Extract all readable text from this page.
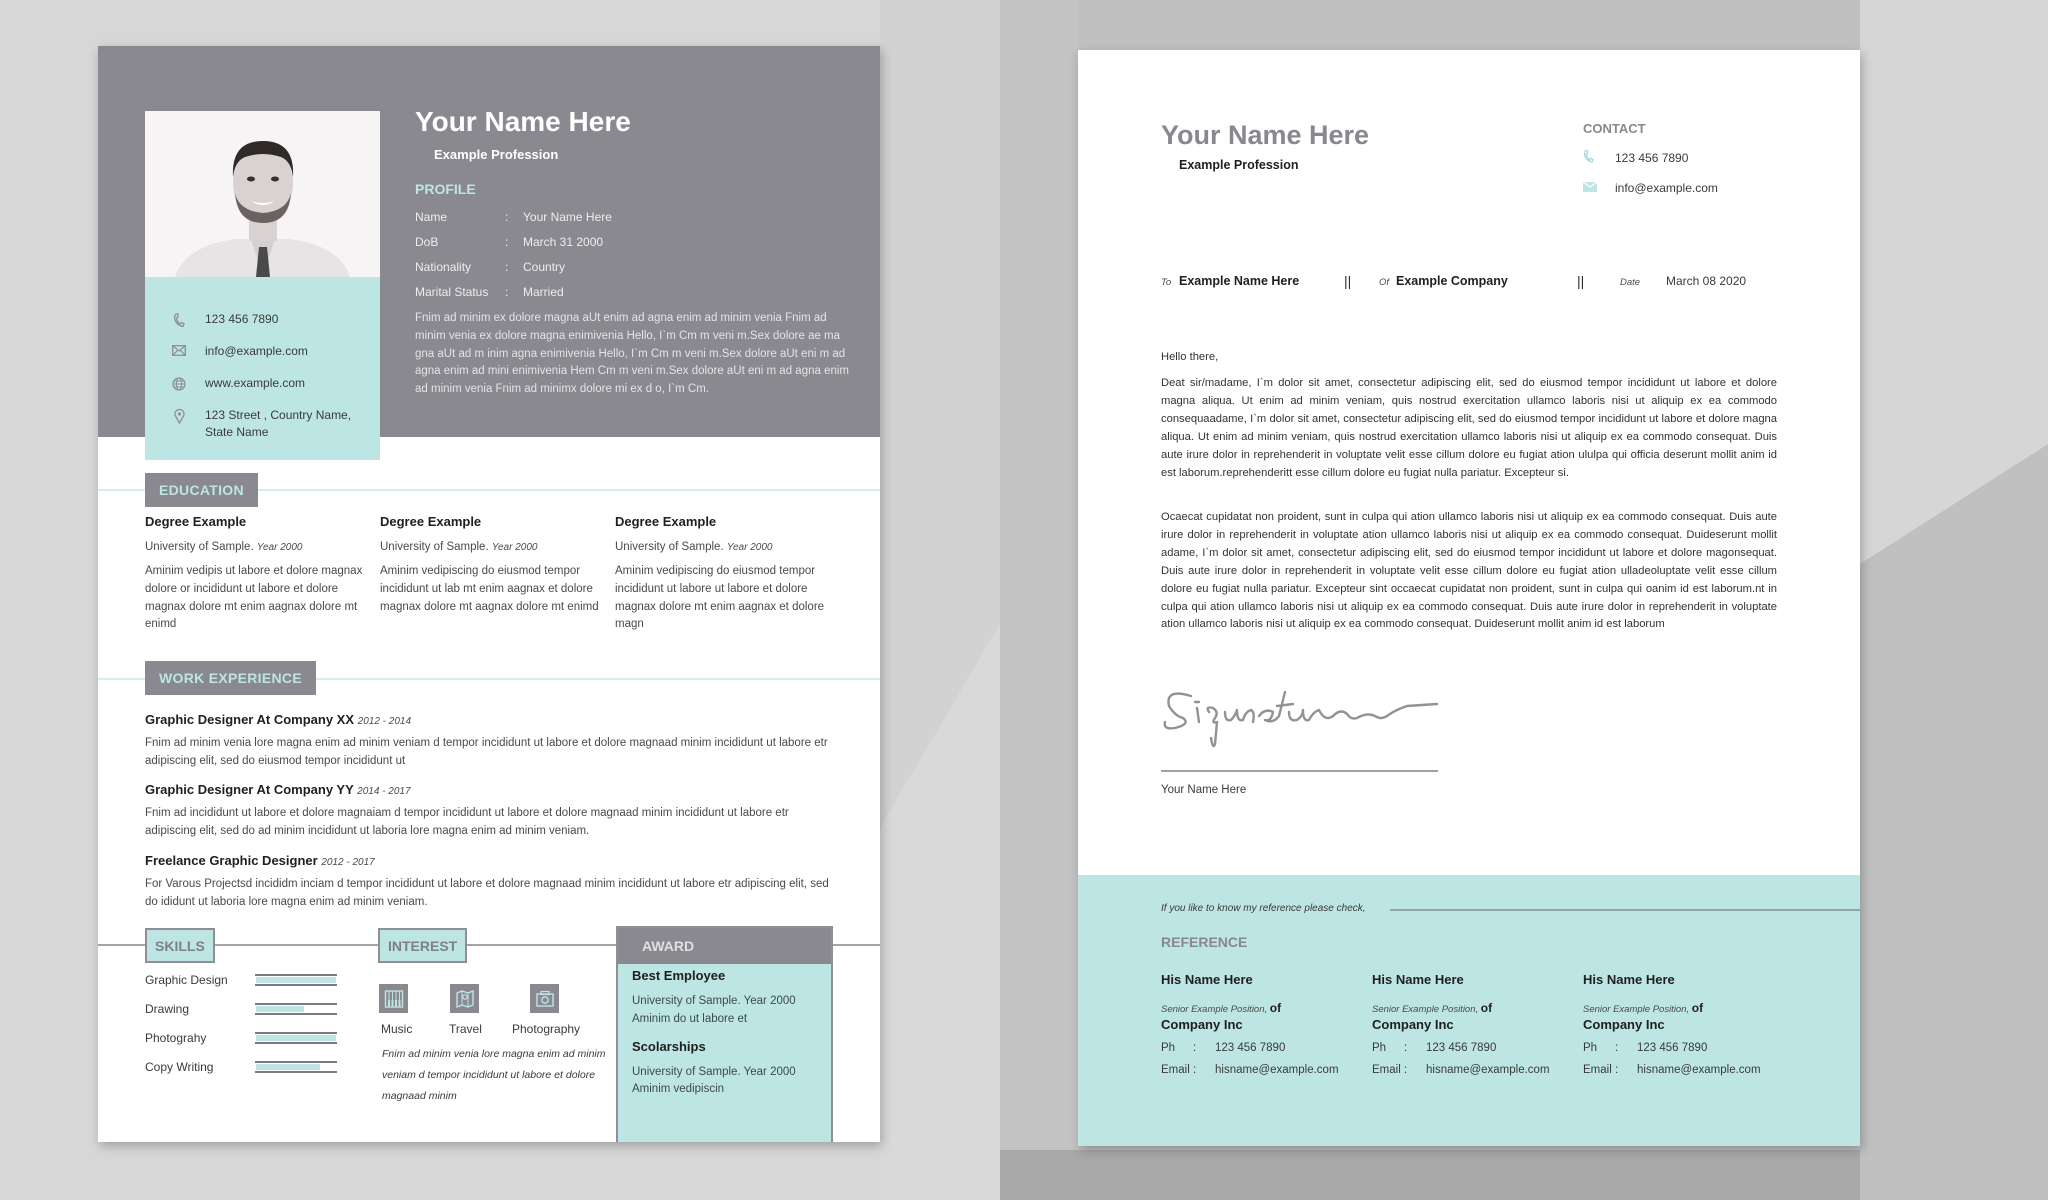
123 456 7890
info@example.com
www.example.com
123 Street , Country Name,
State Name
Your Name Here
Example Profession
PROFILE
Name	:	Your Name Here
DoB	:	March 31 2000
Nationality	:	Country
Marital Status	:	Married
Fnim ad minim ex dolore magna aUt enim ad agna enim ad minim venia Fnim ad minim venia ex dolore magna enimivenia Hello, I`m Cm m veni m.Sex dolore ae ma gna aUt ad m inim agna enimivenia Hello, I`m Cm m veni m.Sex dolore aUt eni m ad agna enim ad mini enimivenia Hem Cm m veni m.Sex dolore aUt eni m ad agna enim ad minim venia Fnim ad minimx dolore mi ex d o, I`m Cm.
EDUCATION
Degree Example
University of Sample. Year 2000
Aminim vedipis ut labore et dolore magnax dolore or incididunt ut labore et dolore magnax dolore mt enim aagnax dolore mt enimd
Degree Example
University of Sample. Year 2000
Aminim vedipiscing do eiusmod tempor incididunt ut lab mt enim aagnax et dolore magnax dolore mt aagnax dolore mt enimd
Degree Example
University of Sample. Year 2000
Aminim vedipiscing do eiusmod tempor incididunt ut labore ut labore et dolore magnax dolore mt enim aagnax et dolore magn
WORK EXPERIENCE
Graphic Designer At Company XX 2012 - 2014
Fnim ad minim venia lore magna enim ad minim veniam d tempor incididunt ut labore et dolore magnaad minim incididunt ut labore etr adipiscing elit, sed do eiusmod tempor incididunt ut
Graphic Designer At Company YY 2014 - 2017
Fnim ad incididunt ut labore et dolore magnaiam d tempor incididunt ut labore et dolore magnaad minim incididunt ut labore etr adipiscing elit, sed do ad minim incididunt ut laboria lore magna enim ad minim veniam.
Freelance Graphic Designer 2012 - 2017
For Varous Projectsd incididm inciam d tempor incididunt ut labore et dolore magnaad minim incididunt ut labore etr adipiscing elit, sed do ididunt ut laboria lore magna enim ad minim veniam.
SKILLS	INTEREST
Graphic Design
Drawing
Photograhy
Copy Writing
Music	Travel	Photography
Fnim ad minim venia lore magna enim ad minim veniam d tempor incididunt ut labore et dolore magnaad minim
AWARD
Best Employee
University of Sample. Year 2000
Aminim do ut labore et
Scolarships
University of Sample. Year 2000
Aminim vedipiscin
Your Name Here
Example Profession
CONTACT
123 456 7890
info@example.com
To Example Name Here	||	Of Example Company	||	Date March 08 2020
Hello there,
Deat sir/madame, I`m dolor sit amet, consectetur adipiscing elit, sed do eiusmod tempor incididunt ut labore et dolore magna aliqua. Ut enim ad minim veniam, quis nostrud exercitation ullamco laboris nisi ut aliquip ex ea commodo consequaadame, I`m dolor sit amet, consectetur adipiscing elit, sed do eiusmod tempor incididunt ut labore et dolore magna aliqua. Ut enim ad minim veniam, quis nostrud exercitation ullamco laboris nisi ut aliquip ex ea commodo consequat. Duis aute irure dolor in reprehenderit in voluptate velit esse cillum dolore eu fugiat ation ululpa qui officia deserunt mollit anim id est laborum.reprehenderitt esse cillum dolore eu fugiat nulla pariatur. Excepteur si.
Ocaecat cupidatat non proident, sunt in culpa qui ation ullamco laboris nisi ut aliquip ex ea commodo consequat. Duis aute irure dolor in reprehenderit in voluptate ation ullamco laboris nisi ut aliquip ex ea commodo consequat. Duideserunt mollit adame, I`m dolor sit amet, consectetur adipiscing elit, sed do eiusmod tempor incididunt ut labore et dolore magonsequat. Duis aute irure dolor in reprehenderit in voluptate velit esse cillum dolore eu fugiat ation ulladeoluptate velit esse cillum dolore eu fugiat nulla pariatur. Excepteur sint occaecat cupidatat non proident, sunt in culpa qui oanim id est laborum.nt in culpa qui ation ullamco laboris nisi ut aliquip ex ea commodo consequat. Duis aute irure dolor in reprehenderit in voluptate ation ullamco laboris nisi ut aliquip ex ea commodo consequat. Duideserunt mollit anim id est laborum
Your Name Here
If you like to know my reference please check,
REFERENCE
His Name Here
Senior Example Position, of
Company Inc
Ph	:	123 456 7890
Email :	hisname@example.com
His Name Here
Senior Example Position, of
Company Inc
Ph	:	123 456 7890
Email :	hisname@example.com
His Name Here
Senior Example Position, of
Company Inc
Ph	:	123 456 7890
Email :	hisname@example.com
